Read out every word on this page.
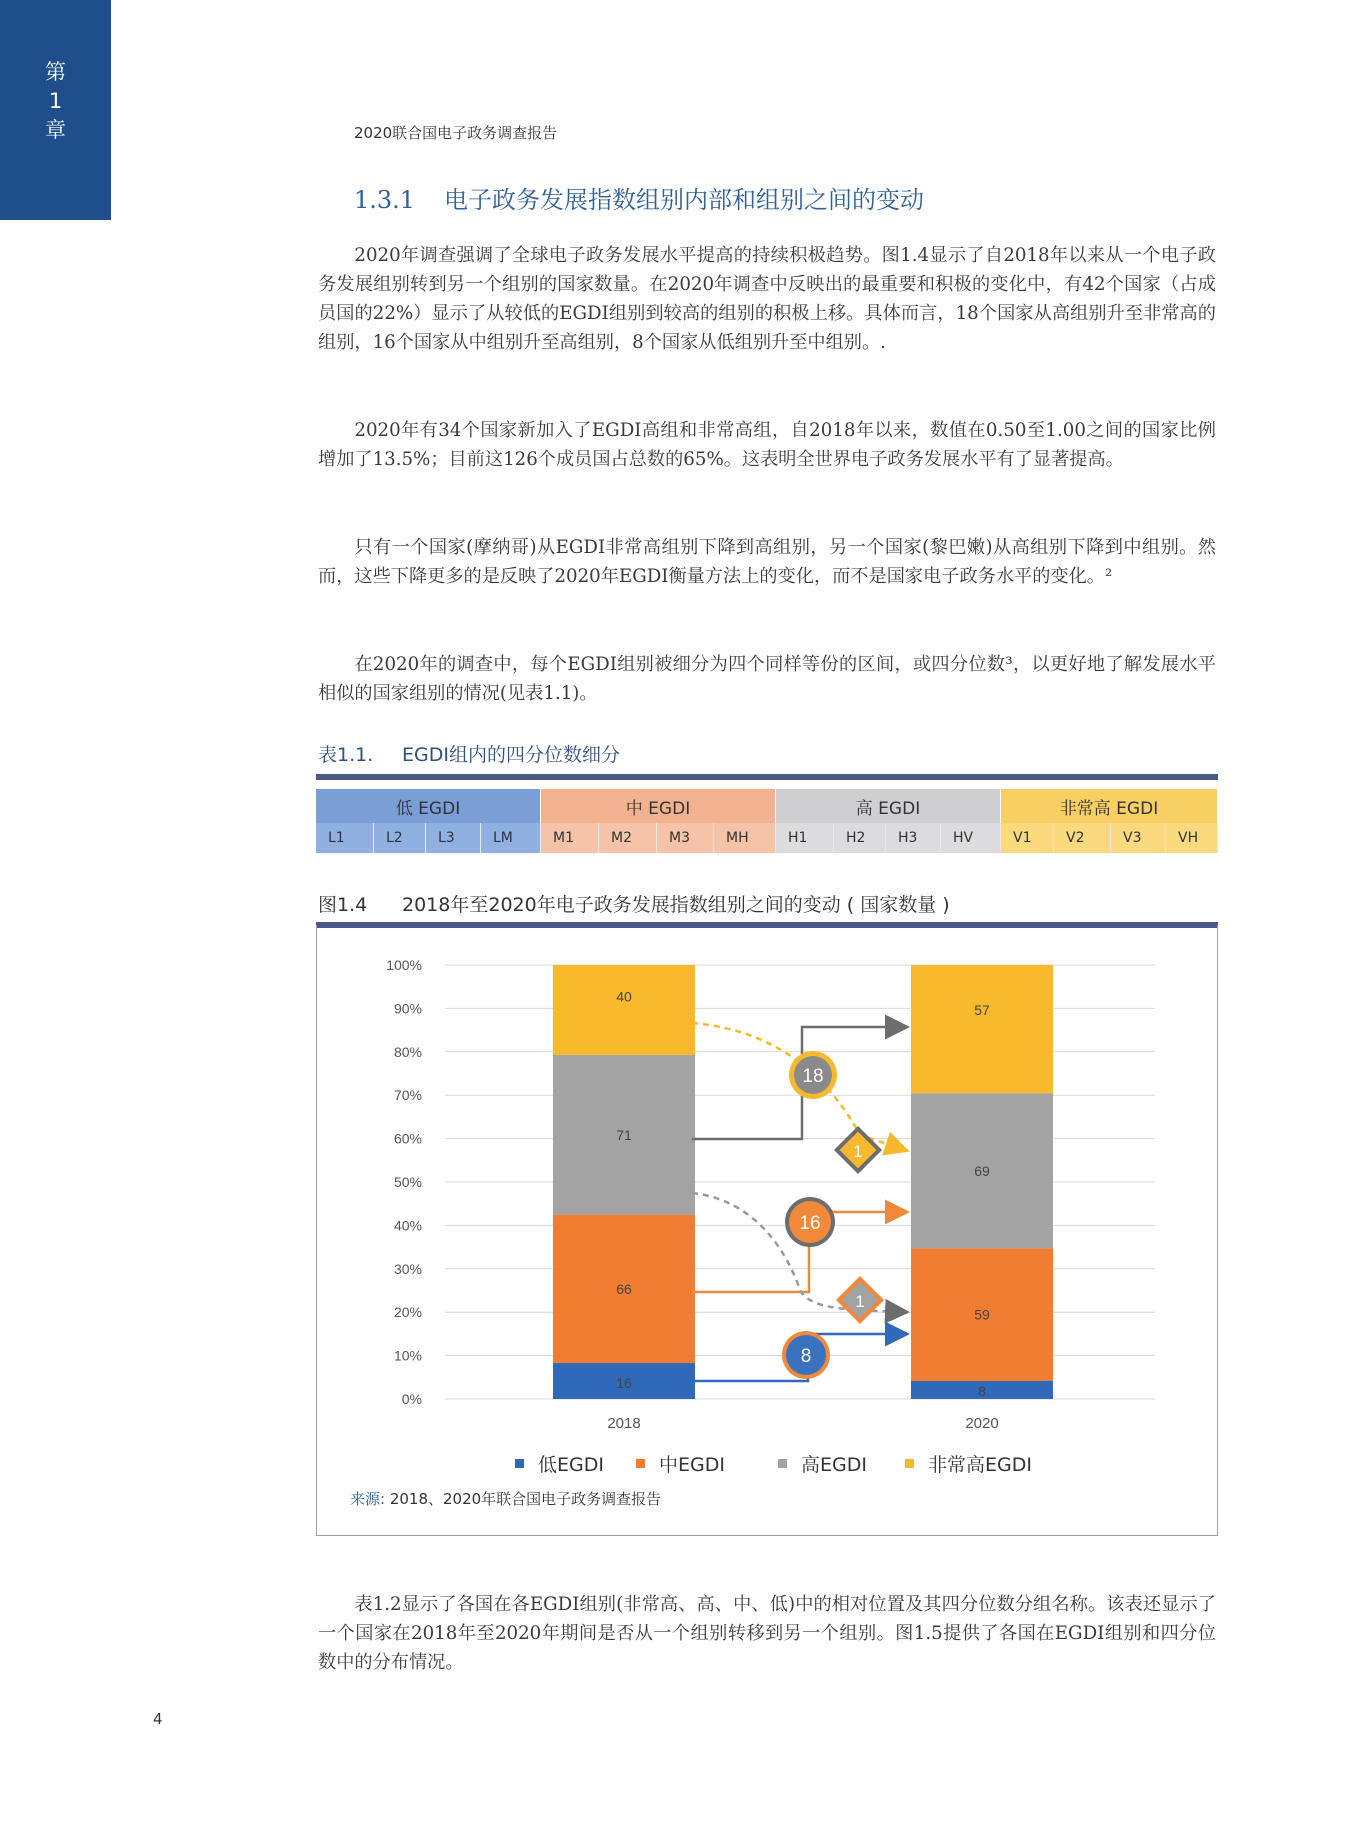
第
1
章	2020联合国电子政务调查报告
1.3.1 电子政务发展指数组别内部和组别之间的变动

2020年调查强调了全球电子政务发展水平提高的持续积极趋势。图1.4显示了自2018年以来从一个电子政务发展组别转到另一个组别的国家数量。在2020年调查中反映出的最重要和积极的变化中，有42个国家（占成员国的22%）显示了从较低的EGDI组别到较高的组别的积极上移。具体而言，18个国家从高组别升至非常高的组别，16个国家从中组别升至高组别，8个国家从低组别升至中组别。.

2020年有34个国家新加入了EGDI高组和非常高组，自2018年以来，数值在0.50至1.00之间的国家比例增加了13.5%；目前这126个成员国占总数的65%。这表明全世界电子政务发展水平有了显著提高。

只有一个国家(摩纳哥)从EGDI非常高组别下降到高组别，另一个国家(黎巴嫩)从高组别下降到中组别。然而，这些下降更多的是反映了2020年EGDI衡量方法上的变化，而不是国家电子政务水平的变化。²

在2020年的调查中，每个EGDI组别被细分为四个同样等份的区间，或四分位数³，以更好地了解发展水平相似的国家组别的情况(见表1.1)。

表1.1. EGDI组内的四分位数细分
低 EGDI	中 EGDI	高 EGDI	非常高 EGDI
L1	L2	L3	LM	M1	M2	M3	MH	H1	H2	H3	HV	V1	V2	V3	VH
图1.4 2018年至2020年电子政务发展指数组别之间的变动 ( 国家数量 )
0%
10%
20%
30%
40%
50%
60%
70%
80%
90%
100%
16
66
71
40
2018
8
59
69
57
2020
18
1
16
1
8
低EGDI	中EGDI	高EGDI	非常高EGDI
来源: 2018、2020年联合国电子政务调查报告

表1.2显示了各国在各EGDI组别(非常高、高、中、低)中的相对位置及其四分位数分组名称。该表还显示了一个国家在2018年至2020年期间是否从一个组别转移到另一个组别。图1.5提供了各国在EGDI组别和四分位数中的分布情况。

4
